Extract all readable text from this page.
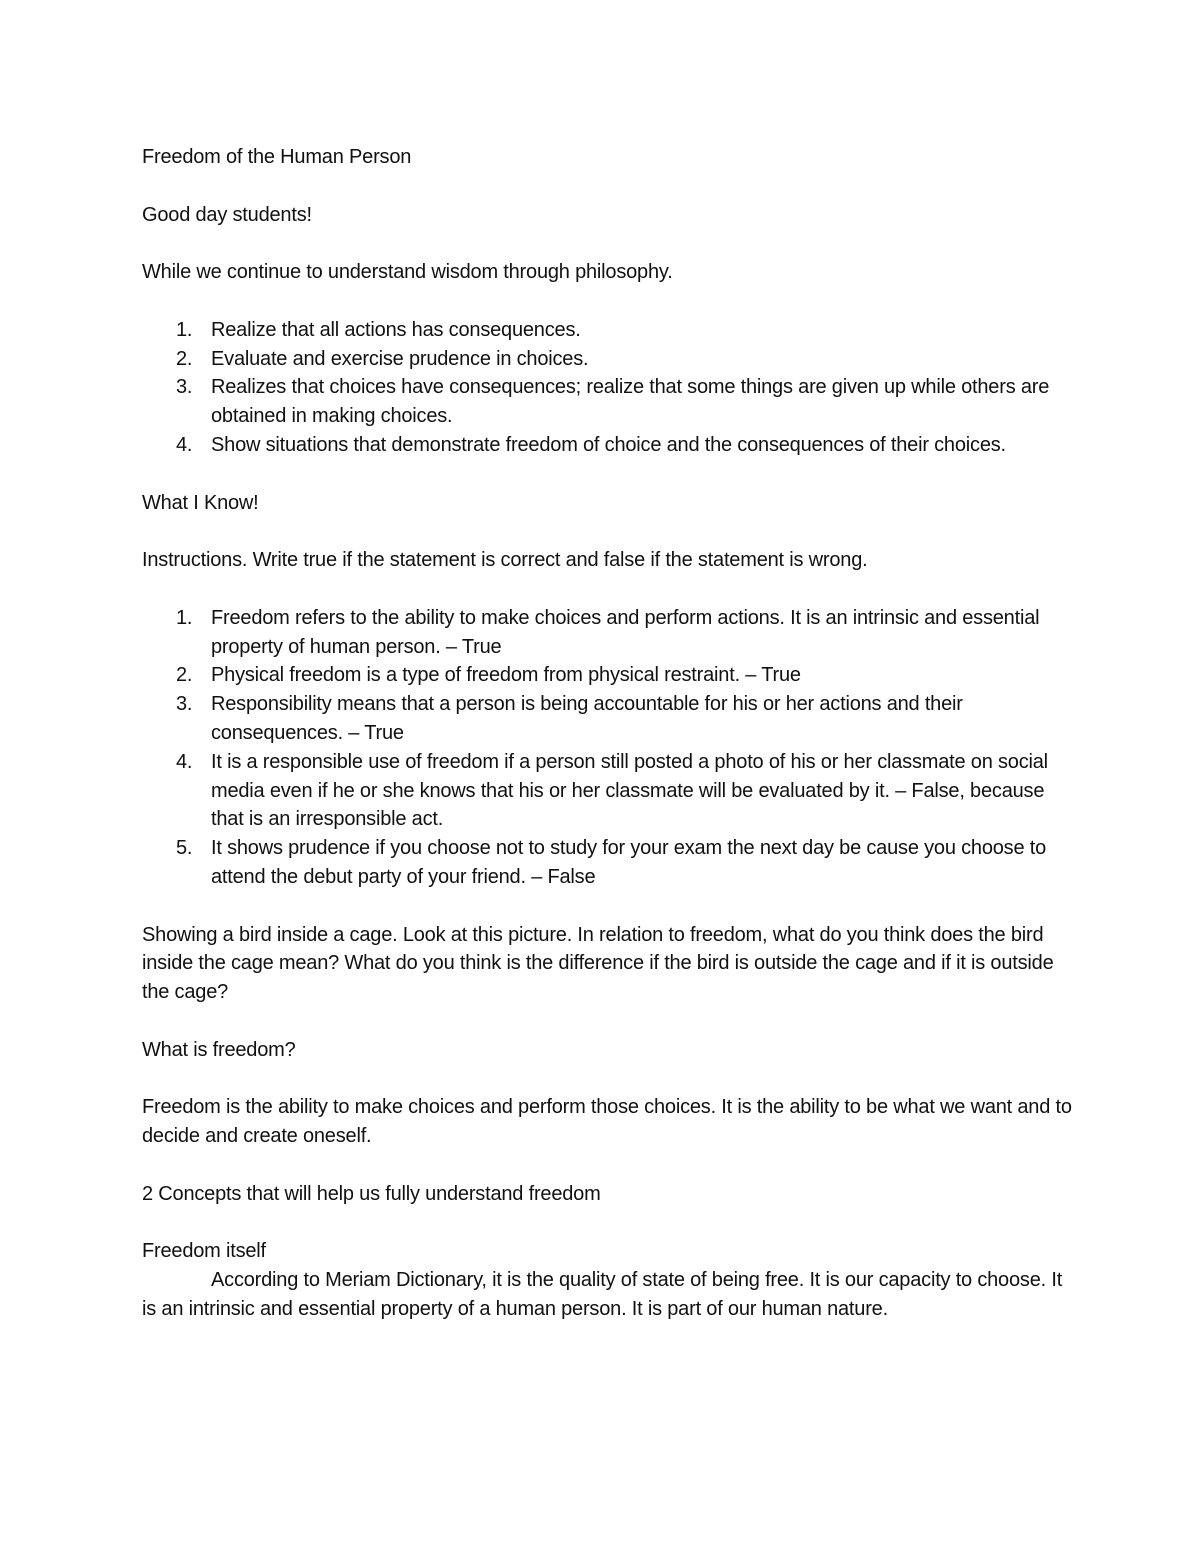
Freedom of the Human Person

Good day students!

While we continue to understand wisdom through philosophy.

1. Realize that all actions has consequences.
2. Evaluate and exercise prudence in choices.
3. Realizes that choices have consequences; realize that some things are given up while others are obtained in making choices.
4. Show situations that demonstrate freedom of choice and the consequences of their choices.

What I Know!

Instructions. Write true if the statement is correct and false if the statement is wrong.

1. Freedom refers to the ability to make choices and perform actions. It is an intrinsic and essential property of human person. – True
2. Physical freedom is a type of freedom from physical restraint. – True
3. Responsibility means that a person is being accountable for his or her actions and their consequences. – True
4. It is a responsible use of freedom if a person still posted a photo of his or her classmate on social media even if he or she knows that his or her classmate will be evaluated by it. – False, because that is an irresponsible act.
5. It shows prudence if you choose not to study for your exam the next day be cause you choose to attend the debut party of your friend. – False

Showing a bird inside a cage. Look at this picture. In relation to freedom, what do you think does the bird inside the cage mean? What do you think is the difference if the bird is outside the cage and if it is outside the cage?

What is freedom?

Freedom is the ability to make choices and perform those choices. It is the ability to be what we want and to decide and create oneself.

2 Concepts that will help us fully understand freedom

Freedom itself

According to Meriam Dictionary, it is the quality of state of being free. It is our capacity to choose. It is an intrinsic and essential property of a human person. It is part of our human nature.
